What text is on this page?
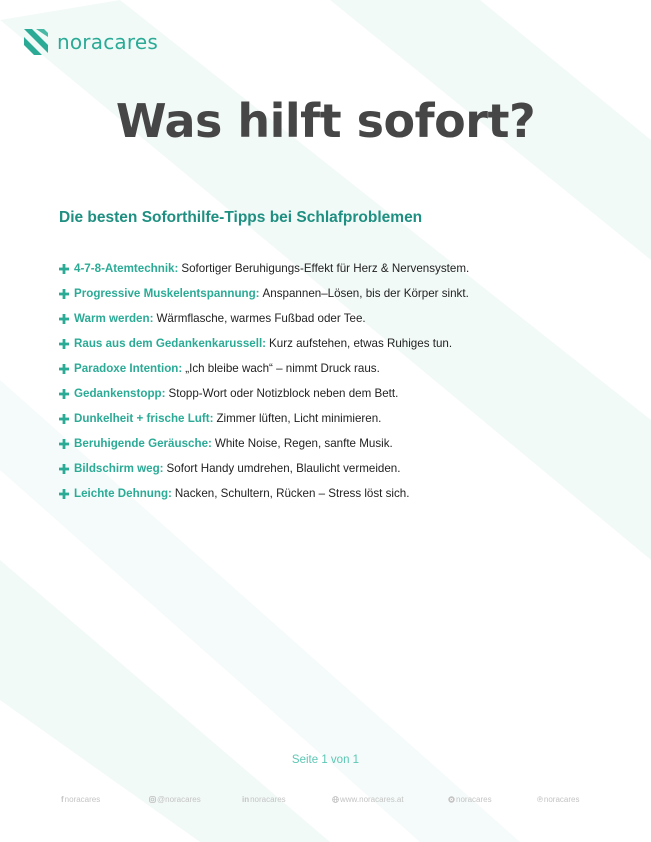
noracares
Was hilft sofort?
Die besten Soforthilfe-Tipps bei Schlafproblemen
4-7-8-Atemtechnik: Sofortiger Beruhigungs-Effekt für Herz & Nervensystem.
Progressive Muskelentspannung: Anspannen–Lösen, bis der Körper sinkt.
Warm werden: Wärmflasche, warmes Fußbad oder Tee.
Raus aus dem Gedankenkarussell: Kurz aufstehen, etwas Ruhiges tun.
Paradoxe Intention: „Ich bleibe wach“ – nimmt Druck raus.
Gedankenstopp: Stopp-Wort oder Notizblock neben dem Bett.
Dunkelheit + frische Luft: Zimmer lüften, Licht minimieren.
Beruhigende Geräusche: White Noise, Regen, sanfte Musik.
Bildschirm weg: Sofort Handy umdrehen, Blaulicht vermeiden.
Leichte Dehnung: Nacken, Schultern, Rücken – Stress löst sich.
Seite 1 von 1
f noracares	@noracares	in noracares	www.noracares.at	noracares	℗ noracares
